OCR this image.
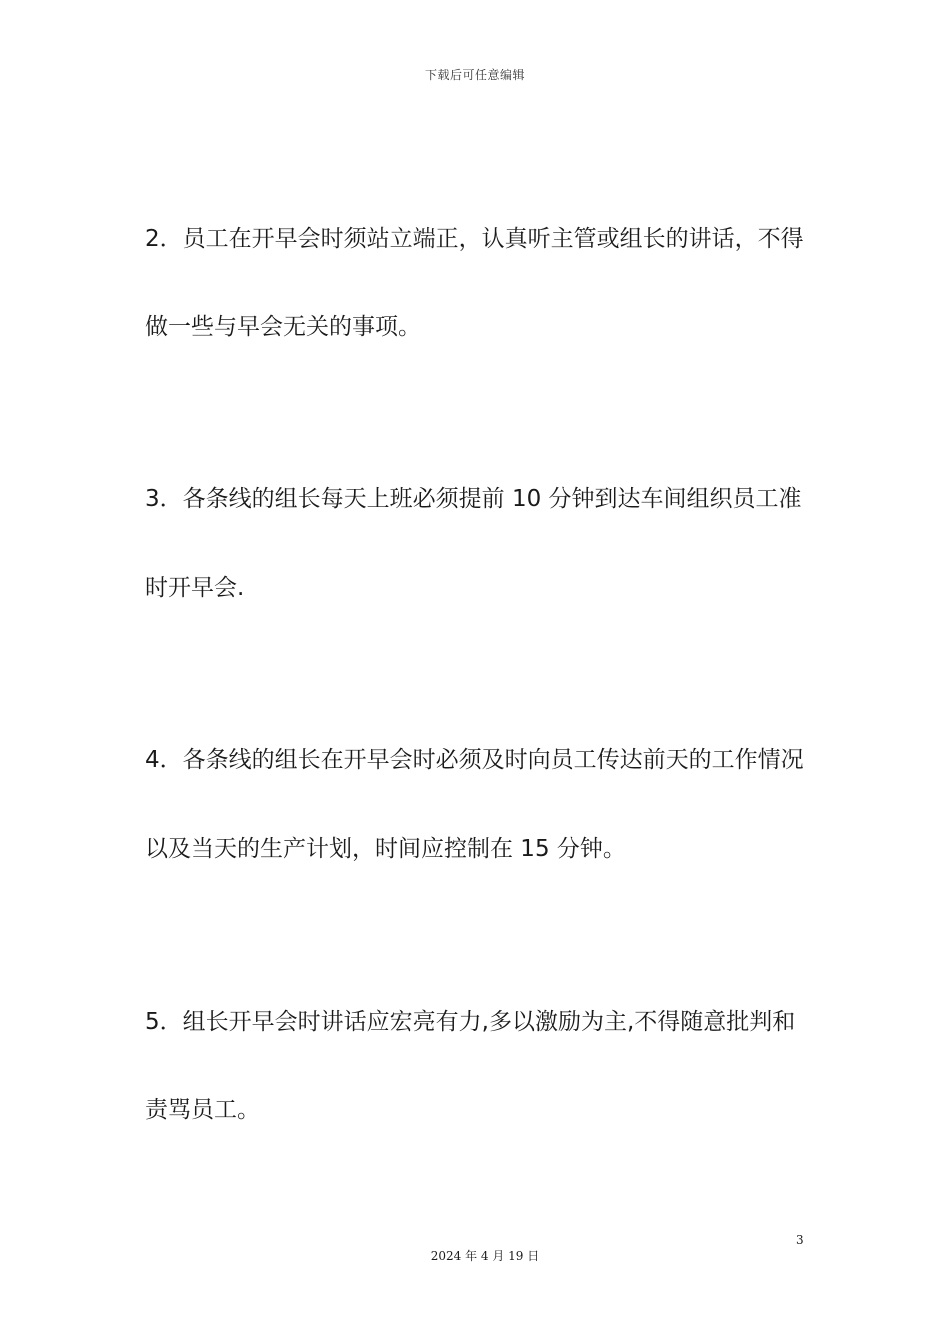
下载后可任意编辑
2．员工在开早会时须站立端正，认真听主管或组长的讲话，不得
做一些与早会无关的事项。
3．各条线的组长每天上班必须提前 10 分钟到达车间组织员工准
时开早会.
4．各条线的组长在开早会时必须及时向员工传达前天的工作情况
以及当天的生产计划，时间应控制在 15 分钟。
5．组长开早会时讲话应宏亮有力,多以激励为主,不得随意批判和
责骂员工。
3
2024 年 4 月 19 日
